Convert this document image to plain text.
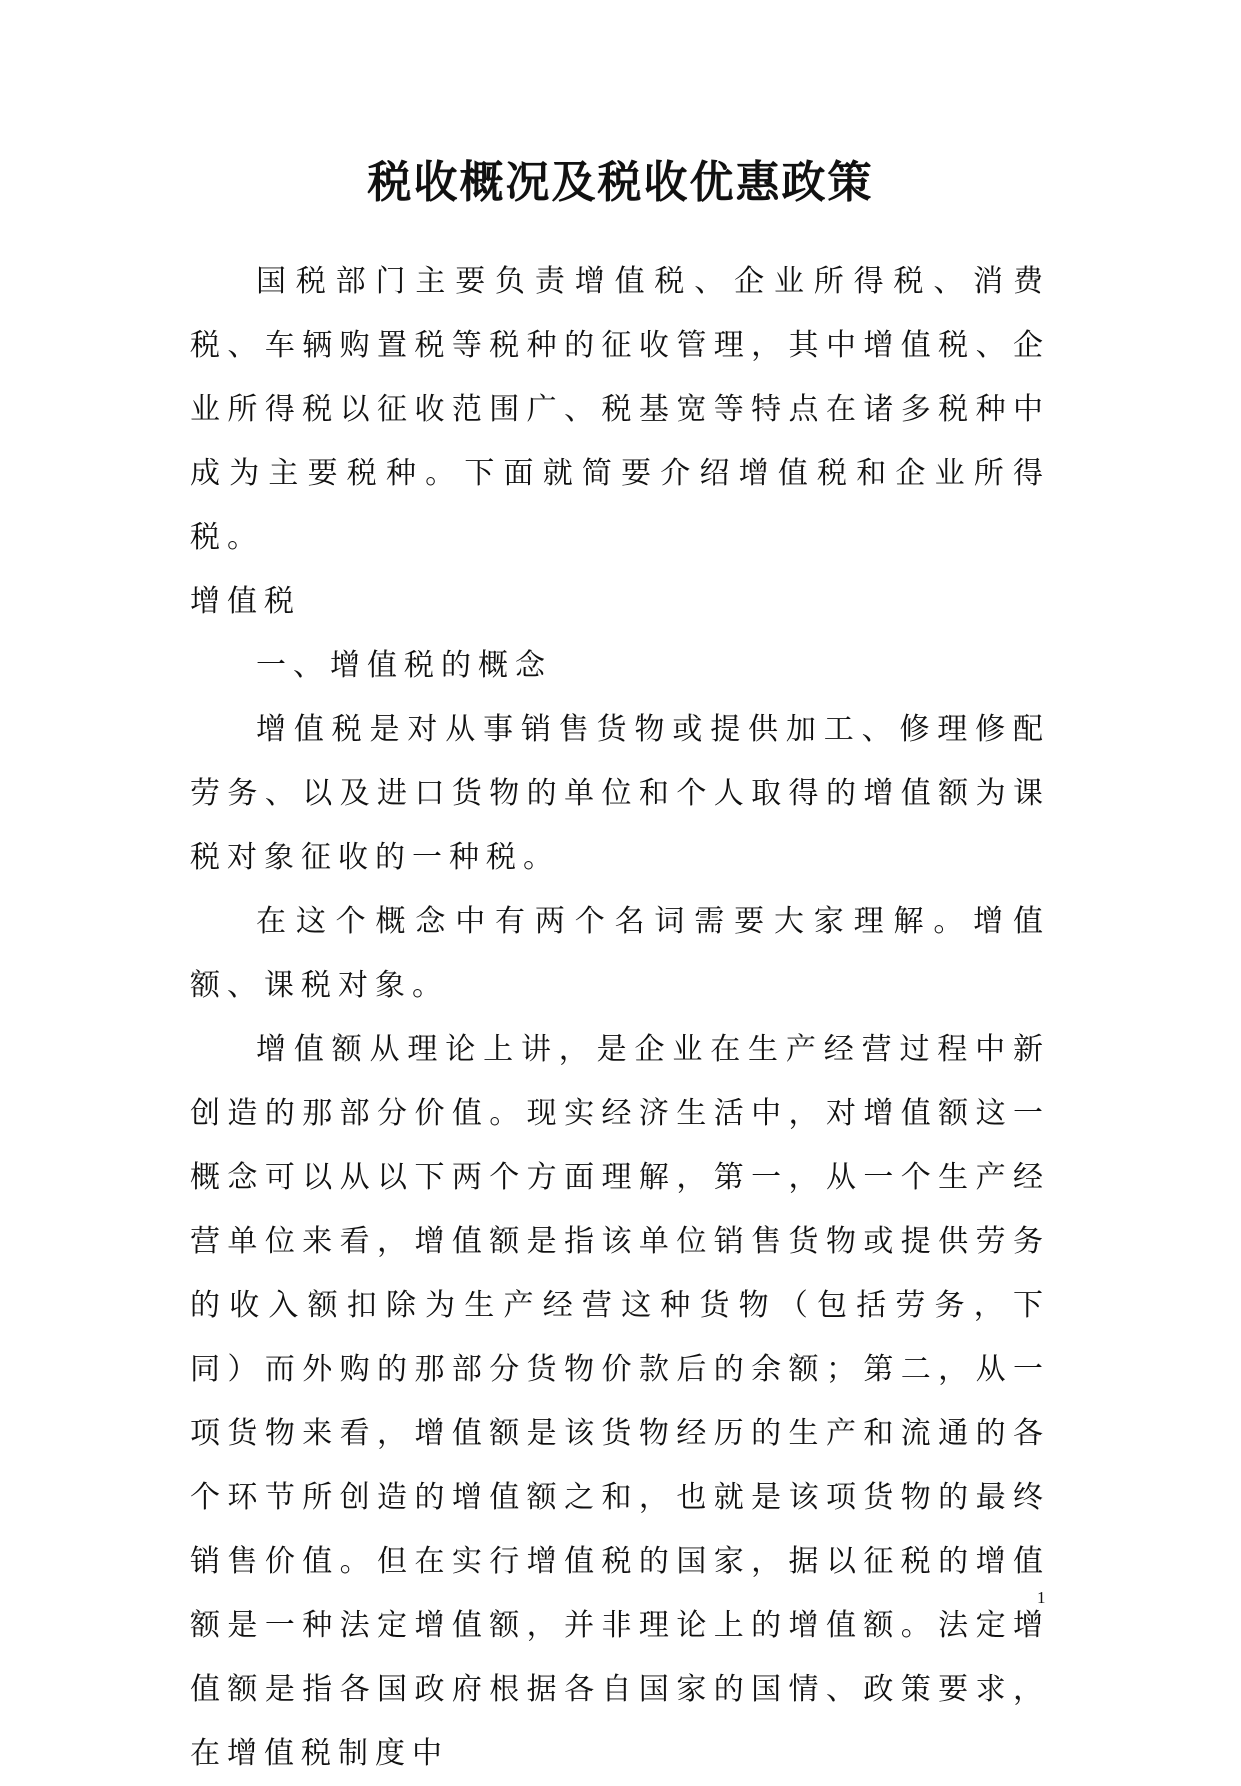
税收概况及税收优惠政策

国税部门主要负责增值税、企业所得税、消费税、车辆购置税等税种的征收管理，其中增值税、企业所得税以征收范围广、税基宽等特点在诸多税种中成为主要税种。下面就简要介绍增值税和企业所得税。

增值税

一、增值税的概念

增值税是对从事销售货物或提供加工、修理修配劳务、以及进口货物的单位和个人取得的增值额为课税对象征收的一种税。

在这个概念中有两个名词需要大家理解。增值额、课税对象。

增值额从理论上讲，是企业在生产经营过程中新创造的那部分价值。现实经济生活中，对增值额这一概念可以从以下两个方面理解，第一，从一个生产经营单位来看，增值额是指该单位销售货物或提供劳务的收入额扣除为生产经营这种货物（包括劳务，下同）而外购的那部分货物价款后的余额；第二，从一项货物来看，增值额是该货物经历的生产和流通的各个环节所创造的增值额之和，也就是该项货物的最终销售价值。但在实行增值税的国家，据以征税的增值额是一种法定增值额，并非理论上的增值额。法定增值额是指各国政府根据各自国家的国情、政策要求，在增值税制度中

1
